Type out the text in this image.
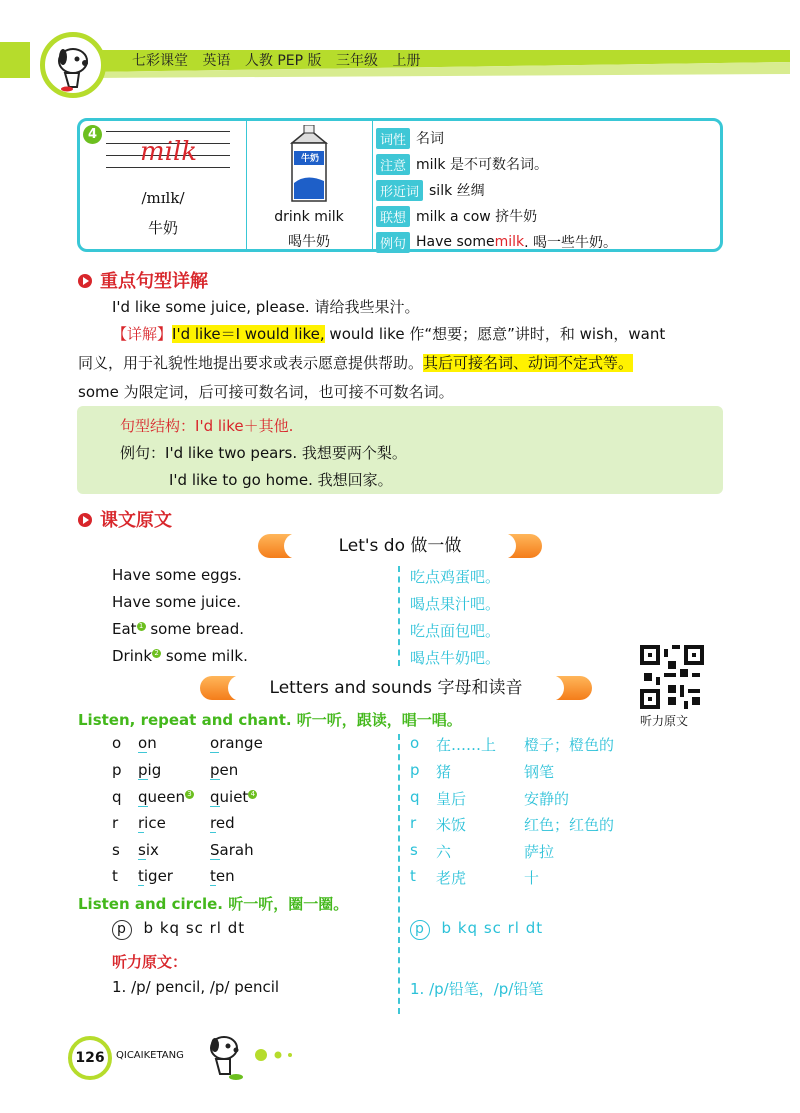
七彩课堂 英语 人教 PEP 版 三年级 上册
4
milk
/mɪlk/
牛奶
牛奶
drink milk
喝牛奶
词性 名词
注意 milk 是不可数名词。
形近词 silk 丝绸
联想 milk a cow 挤牛奶
例句 Have some milk . 喝一些牛奶。
重点句型详解
I'd like some juice, please. 请给我些果汁。
【详解】I'd like＝I would like, would like 作“想要；愿意”讲时，和 wish，want
同义，用于礼貌性地提出要求或表示愿意提供帮助。其后可接名词、动词不定式等。
some 为限定词，后可接可数名词，也可接不可数名词。
句型结构：I'd like＋其他.
例句：I'd like two pears. 我想要两个梨。
I'd like to go home. 我想回家。
课文原文
Let's do 做一做
Have some eggs.	吃点鸡蛋吧。
Have some juice.	喝点果汁吧。
Eat 1 some bread.	吃点面包吧。
Drink 2 some milk.	喝点牛奶吧。
听力原文
Letters and sounds 字母和读音
Listen, repeat and chant. 听一听，跟读，唱一唱。
o on	orange	o 在……上 橙子；橙色的
p pig	pen	p 猪	钢笔
q queen 3 quiet 4	q 皇后	安静的
r rice	red	r 米饭	红色；红色的
s six	Sarah	s 六	萨拉
t tiger ten	t 老虎	十
Listen and circle. 听一听，圈一圈。
p b kq sc rl dt	p b kq sc rl dt
听力原文：
1. /p/ pencil, /p/ pencil	1. /p/铅笔，/p/铅笔
126	QICAIKETANG
